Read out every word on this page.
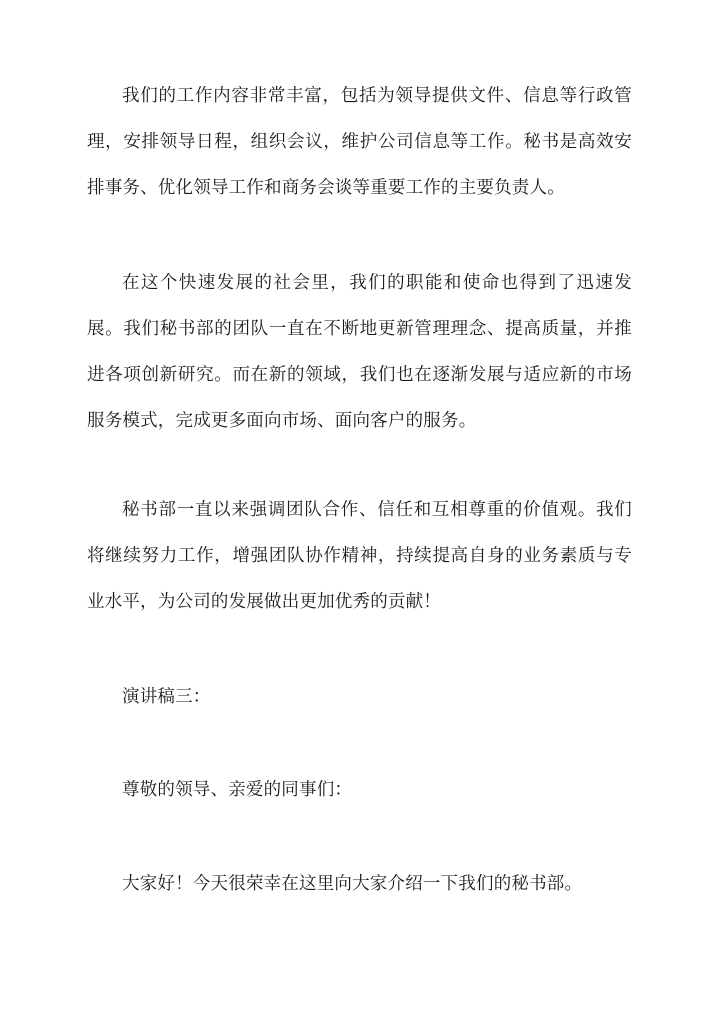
我们的工作内容非常丰富，包括为领导提供文件、信息等行政管理，安排领导日程，组织会议，维护公司信息等工作。秘书是高效安排事务、优化领导工作和商务会谈等重要工作的主要负责人。

在这个快速发展的社会里，我们的职能和使命也得到了迅速发展。我们秘书部的团队一直在不断地更新管理理念、提高质量，并推进各项创新研究。而在新的领域，我们也在逐渐发展与适应新的市场服务模式，完成更多面向市场、面向客户的服务。

秘书部一直以来强调团队合作、信任和互相尊重的价值观。我们将继续努力工作，增强团队协作精神，持续提高自身的业务素质与专业水平，为公司的发展做出更加优秀的贡献！

演讲稿三：

尊敬的领导、亲爱的同事们：

大家好！今天很荣幸在这里向大家介绍一下我们的秘书部。
